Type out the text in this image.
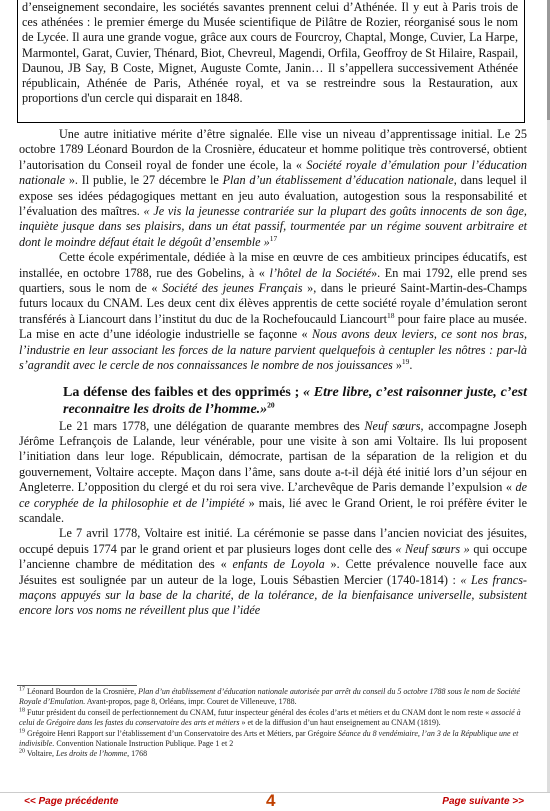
d’enseignement secondaire, les sociétés savantes prennent celui d’Athénée. Il y eut à Paris trois de ces athénées : le premier émerge du Musée scientifique de Pilâtre de Rozier, réorganisé sous le nom de Lycée. Il aura une grande vogue, grâce aux cours de Fourcroy, Chaptal, Monge, Cuvier, La Harpe, Marmontel, Garat, Cuvier, Thénard, Biot, Chevreul, Magendi, Orfila, Geoffroy de St Hilaire, Raspail, Daunou, JB Say, B Coste, Mignet, Auguste Comte, Janin… Il s’appellera successivement Athénée républicain, Athénée de Paris, Athénée royal, et va se restreindre sous la Restauration, aux proportions d'un cercle qui disparait en 1848.

Une autre initiative mérite d’être signalée. Elle vise un niveau d’apprentissage initial. Le 25 octobre 1789 Léonard Bourdon de la Crosnière, éducateur et homme politique très controversé, obtient l’autorisation du Conseil royal de fonder une école, la « Société royale d’émulation pour l’éducation nationale ». Il publie, le 27 décembre le Plan d’un établissement d’éducation nationale, dans lequel il expose ses idées pédagogiques mettant en jeu auto évaluation, autogestion sous la responsabilité et l’évaluation des maîtres. « Je vis la jeunesse contrariée sur la plupart des goûts innocents de son âge, inquiète jusque dans ses plaisirs, dans un état passif, tourmentée par un régime souvent arbitraire et dont le moindre défaut était le dégoût d’ensemble »$^{17}$

Cette école expérimentale, dédiée à la mise en œuvre de ces ambitieux principes éducatifs, est installée, en octobre 1788, rue des Gobelins, à « l’hôtel de la Société». En mai 1792, elle prend ses quartiers, sous le nom de « Société des jeunes Français », dans le prieuré Saint-Martin-des-Champs futurs locaux du CNAM. Les deux cent dix élèves apprentis de cette société royale d’émulation seront transférés à Liancourt dans l’institut du duc de la Rochefoucauld Liancourt$^{18}$ pour faire place au musée. La mise en acte d’une idéologie industrielle se façonne « Nous avons deux leviers, ce sont nos bras, l’industrie en leur associant les forces de la nature parvient quelquefois à centupler les nôtres : par-là s’agrandit avec le cercle de nos connaissances le nombre de nos jouissances »$^{19}$.

La défense des faibles et des opprimés ; « Etre libre, c’est raisonner juste, c’est reconnaitre les droits de l’homme.»$^{20}$

Le 21 mars 1778, une délégation de quarante membres des Neuf sœurs, accompagne Joseph Jérôme Lefrançois de Lalande, leur vénérable, pour une visite à son ami Voltaire. Ils lui proposent l’initiation dans leur loge. Républicain, démocrate, partisan de la séparation de la religion et du gouvernement, Voltaire accepte. Maçon dans l’âme, sans doute a-t-il déjà été initié lors d’un séjour en Angleterre. L’opposition du clergé et du roi sera vive. L’archevêque de Paris demande l’expulsion « de ce coryphée de la philosophie et de l’impiété » mais, lié avec le Grand Orient, le roi préfère éviter le scandale.

Le 7 avril 1778, Voltaire est initié. La cérémonie se passe dans l’ancien noviciat des jésuites, occupé depuis 1774 par le grand orient et par plusieurs loges dont celle des « Neuf sœurs » qui occupe l’ancienne chambre de méditation des « enfants de Loyola ». Cette prévalence nouvelle face aux Jésuites est soulignée par un auteur de la loge, Louis Sébastien Mercier (1740-1814) : « Les francs-maçons appuyés sur la base de la charité, de la tolérance, de la bienfaisance universelle, subsistent encore lors vos noms ne réveillent plus que l’idée

$^{17}$ Léonard Bourdon de la Crosnière, Plan d’un établissement d’éducation nationale autorisée par arrêt du conseil du 5 octobre 1788 sous le nom de Société Royale d’Emulation. Avant-propos, page 8, Orléans, impr. Couret de Villeneuve, 1788.

$^{18}$ Futur président du conseil de perfectionnement du CNAM, futur inspecteur général des écoles d’arts et métiers et du CNAM dont le nom reste « associé à celui de Grégoire dans les fastes du conservatoire des arts et métiers » et de la diffusion d’un haut enseignement au CNAM (1819).

$^{19}$ Grégoire Henri Rapport sur l’établissement d’un Conservatoire des Arts et Métiers, par Grégoire Séance du 8 vendémiaire, l’an 3 de la République une et indivisible. Convention Nationale Instruction Publique. Page 1 et 2

$^{20}$ Voltaire, Les droits de l’homme, 1768

<< Page précédente	4	Page suivante >>
